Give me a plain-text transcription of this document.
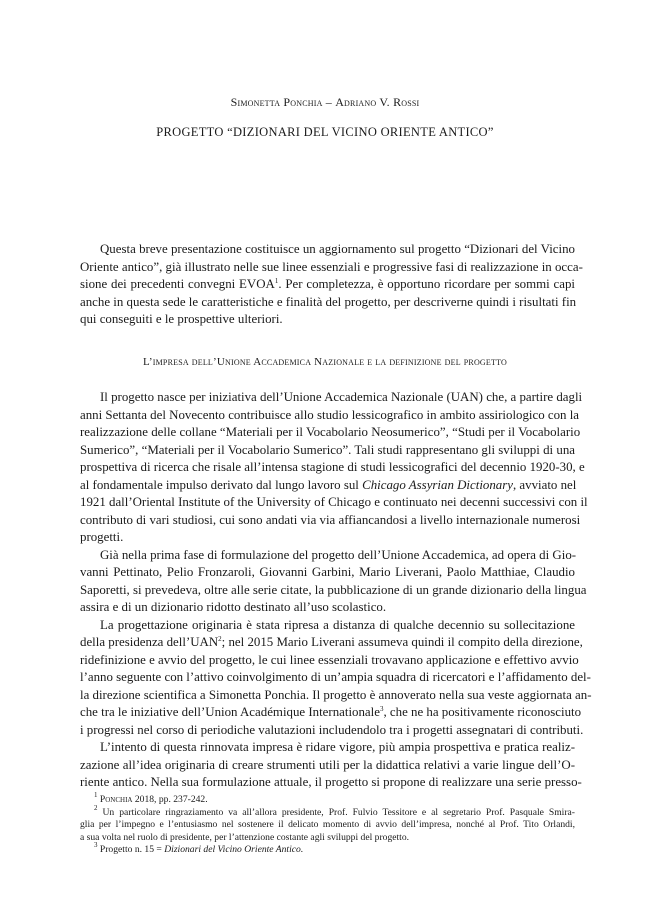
Simonetta Ponchia – Adriano V. Rossi
PROGETTO “DIZIONARI DEL VICINO ORIENTE ANTICO”
Questa breve presentazione costituisce un aggiornamento sul progetto “Dizionari del Vicino
Oriente antico”, già illustrato nelle sue linee essenziali e progressive fasi di realizzazione in occa-
sione dei precedenti convegni EVOA$^1$. Per completezza, è opportuno ricordare per sommi capi
anche in questa sede le caratteristiche e finalità del progetto, per descriverne quindi i risultati fin
qui conseguiti e le prospettive ulteriori.
L’impresa dell’Unione Accademica Nazionale e la definizione del progetto
Il progetto nasce per iniziativa dell’Unione Accademica Nazionale (UAN) che, a partire dagli
anni Settanta del Novecento contribuisce allo studio lessicografico in ambito assiriologico con la
realizzazione delle collane “Materiali per il Vocabolario Neosumerico”, “Studi per il Vocabolario
Sumerico”, “Materiali per il Vocabolario Sumerico”. Tali studi rappresentano gli sviluppi di una
prospettiva di ricerca che risale all’intensa stagione di studi lessicografici del decennio 1920-30, e
al fondamentale impulso derivato dal lungo lavoro sul Chicago Assyrian Dictionary, avviato nel
1921 dall’Oriental Institute of the University of Chicago e continuato nei decenni successivi con il
contributo di vari studiosi, cui sono andati via via affiancandosi a livello internazionale numerosi
progetti.
Già nella prima fase di formulazione del progetto dell’Unione Accademica, ad opera di Gio-
vanni Pettinato, Pelio Fronzaroli, Giovanni Garbini, Mario Liverani, Paolo Matthiae, Claudio
Saporetti, si prevedeva, oltre alle serie citate, la pubblicazione di un grande dizionario della lingua
assira e di un dizionario ridotto destinato all’uso scolastico.
La progettazione originaria è stata ripresa a distanza di qualche decennio su sollecitazione
della presidenza dell’UAN$^2$; nel 2015 Mario Liverani assumeva quindi il compito della direzione,
ridefinizione e avvio del progetto, le cui linee essenziali trovavano applicazione e effettivo avvio
l’anno seguente con l’attivo coinvolgimento di un’ampia squadra di ricercatori e l’affidamento del-
la direzione scientifica a Simonetta Ponchia. Il progetto è annoverato nella sua veste aggiornata an-
che tra le iniziative dell’Union Académique Internationale$^3$, che ne ha positivamente riconosciuto
i progressi nel corso di periodiche valutazioni includendolo tra i progetti assegnatari di contributi.
L’intento di questa rinnovata impresa è ridare vigore, più ampia prospettiva e pratica realiz-
zazione all’idea originaria di creare strumenti utili per la didattica relativi a varie lingue dell’O-
riente antico. Nella sua formulazione attuale, il progetto si propone di realizzare una serie presso-
$^1$ Ponchia 2018, pp. 237-242.
$^2$ Un particolare ringraziamento va all’allora presidente, Prof. Fulvio Tessitore e al segretario Prof. Pasquale Smira-
glia per l’impegno e l’entusiasmo nel sostenere il delicato momento di avvio dell’impresa, nonché al Prof. Tito Orlandi,
a sua volta nel ruolo di presidente, per l’attenzione costante agli sviluppi del progetto.
$^3$ Progetto n. 15 = Dizionari del Vicino Oriente Antico.
